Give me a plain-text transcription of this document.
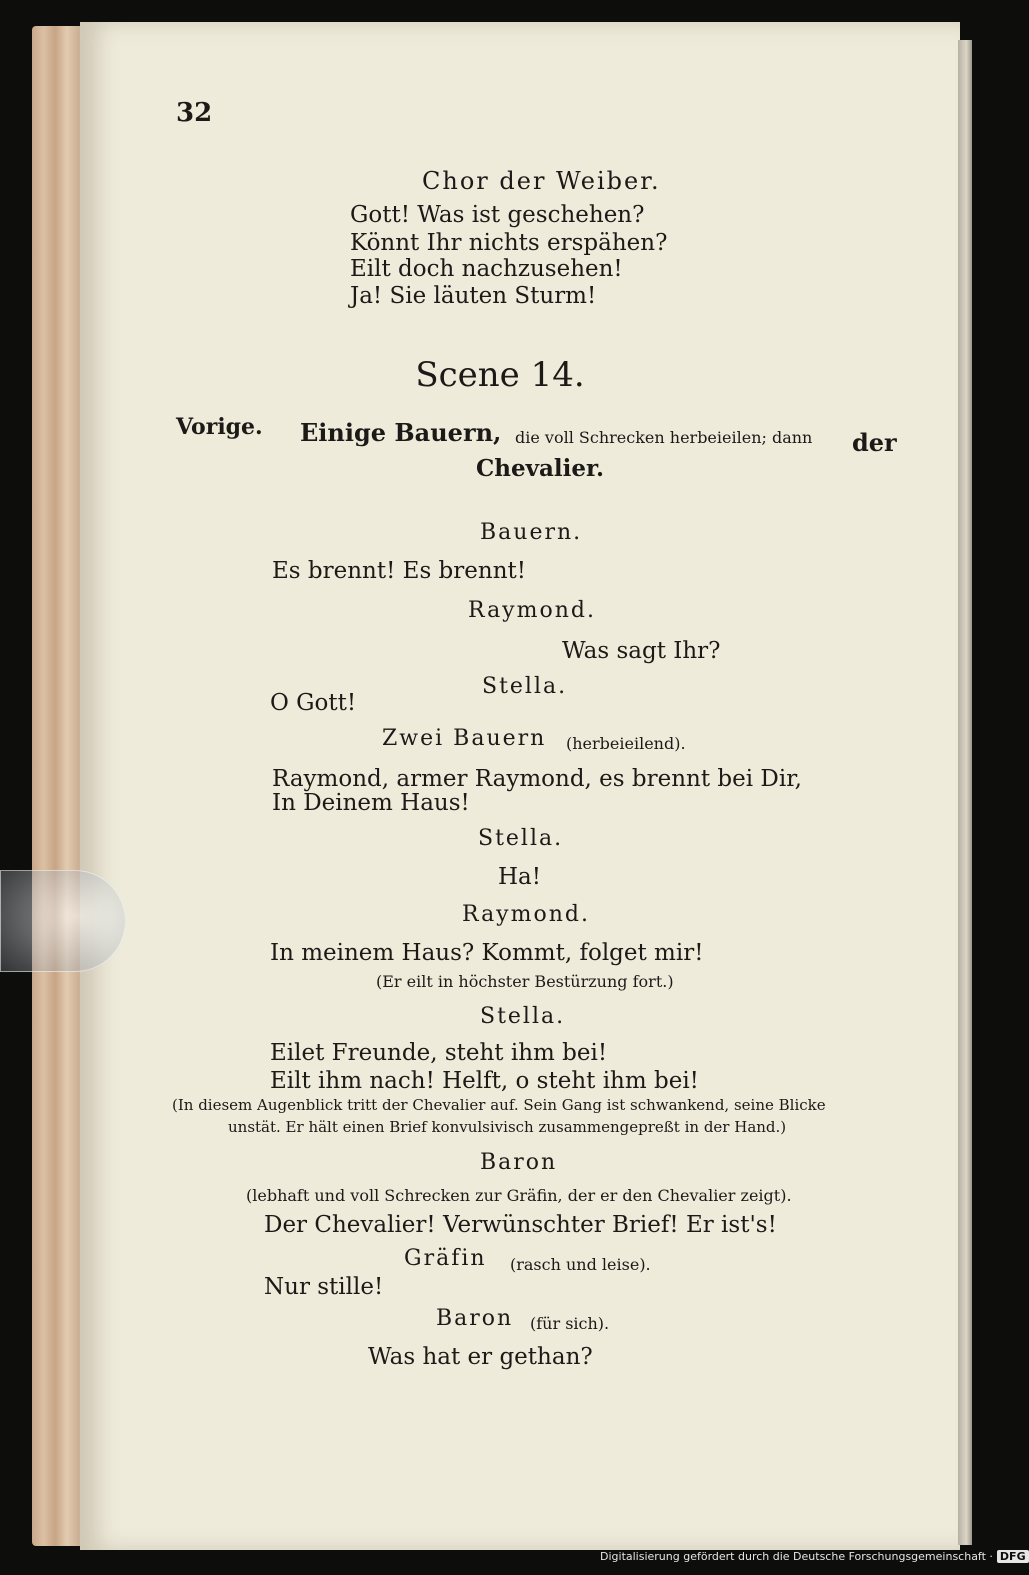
32
Chor der Weiber.
Gott! Was ist geschehen?
Könnt Ihr nichts erspähen?
Eilt doch nachzusehen!
Ja! Sie läuten Sturm!
Scene 14.
Vorige. Einige Bauern, die voll Schrecken herbeieilen; dann der
Chevalier.
Bauern.
Es brennt! Es brennt!
Raymond.
Was sagt Ihr?
Stella.
O Gott!
Zwei Bauern (herbeieilend).
Raymond, armer Raymond, es brennt bei Dir,
In Deinem Haus!
Stella.
Ha!
Raymond.
In meinem Haus? Kommt, folget mir!
(Er eilt in höchster Bestürzung fort.)
Stella.
Eilet Freunde, steht ihm bei!
Eilt ihm nach! Helft, o steht ihm bei!
(In diesem Augenblick tritt der Chevalier auf. Sein Gang ist schwankend, seine Blicke
unstät. Er hält einen Brief konvulsivisch zusammengepreßt in der Hand.)
Baron
(lebhaft und voll Schrecken zur Gräfin, der er den Chevalier zeigt).
Der Chevalier! Verwünschter Brief! Er ist's!
Gräfin (rasch und leise).
Nur stille!
Baron (für sich).
Was hat er gethan?
Digitalisierung gefördert durch die Deutsche Forschungsgemeinschaft · DFG
